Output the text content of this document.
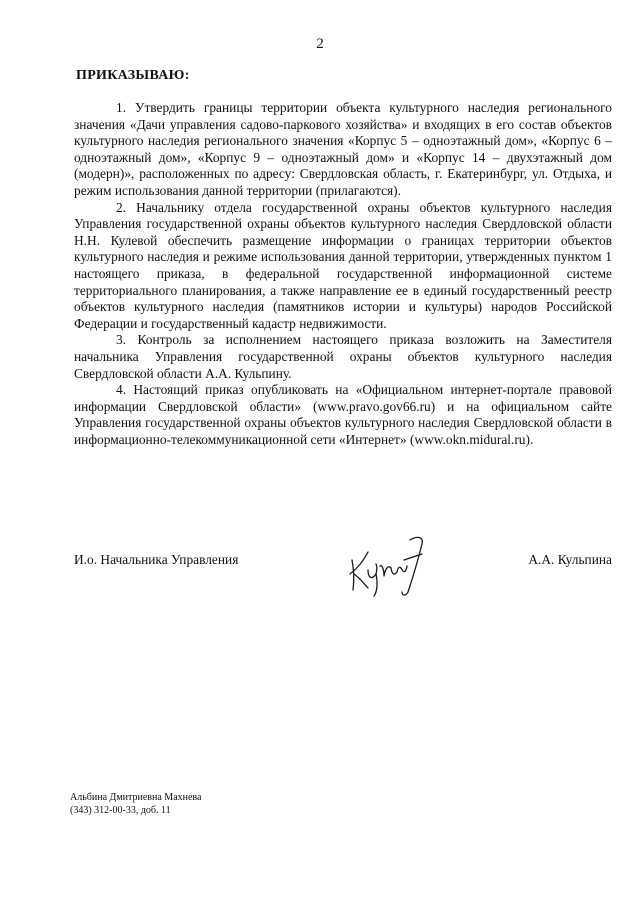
2
ПРИКАЗЫВАЮ:

1. Утвердить границы территории объекта культурного наследия регионального значения «Дачи управления садово-паркового хозяйства» и входящих в его состав объектов культурного наследия регионального значения «Корпус 5 – одноэтажный дом», «Корпус 6 – одноэтажный дом», «Корпус 9 – одноэтажный дом» и «Корпус 14 – двухэтажный дом (модерн)», расположенных по адресу: Свердловская область, г. Екатеринбург, ул. Отдыха, и режим использования данной территории (прилагаются).

2. Начальнику отдела государственной охраны объектов культурного наследия Управления государственной охраны объектов культурного наследия Свердловской области Н.Н. Кулевой обеспечить размещение информации о границах территории объектов культурного наследия и режиме использования данной территории, утвержденных пунктом 1 настоящего приказа, в федеральной государственной информационной системе территориального планирования, а также направление ее в единый государственный реестр объектов культурного наследия (памятников истории и культуры) народов Российской Федерации и государственный кадастр недвижимости.

3. Контроль за исполнением настоящего приказа возложить на Заместителя начальника Управления государственной охраны объектов культурного наследия Свердловской области А.А. Кульпину.

4. Настоящий приказ опубликовать на «Официальном интернет-портале правовой информации Свердловской области» (www.pravo.gov66.ru) и на официальном сайте Управления государственной охраны объектов культурного наследия Свердловской области в информационно-телекоммуникационной сети «Интернет» (www.okn.midural.ru).

И.о. Начальника Управления	А.А. Кульпина
Альбина Дмитриевна Махнева
(343) 312-00-33, доб. 11
